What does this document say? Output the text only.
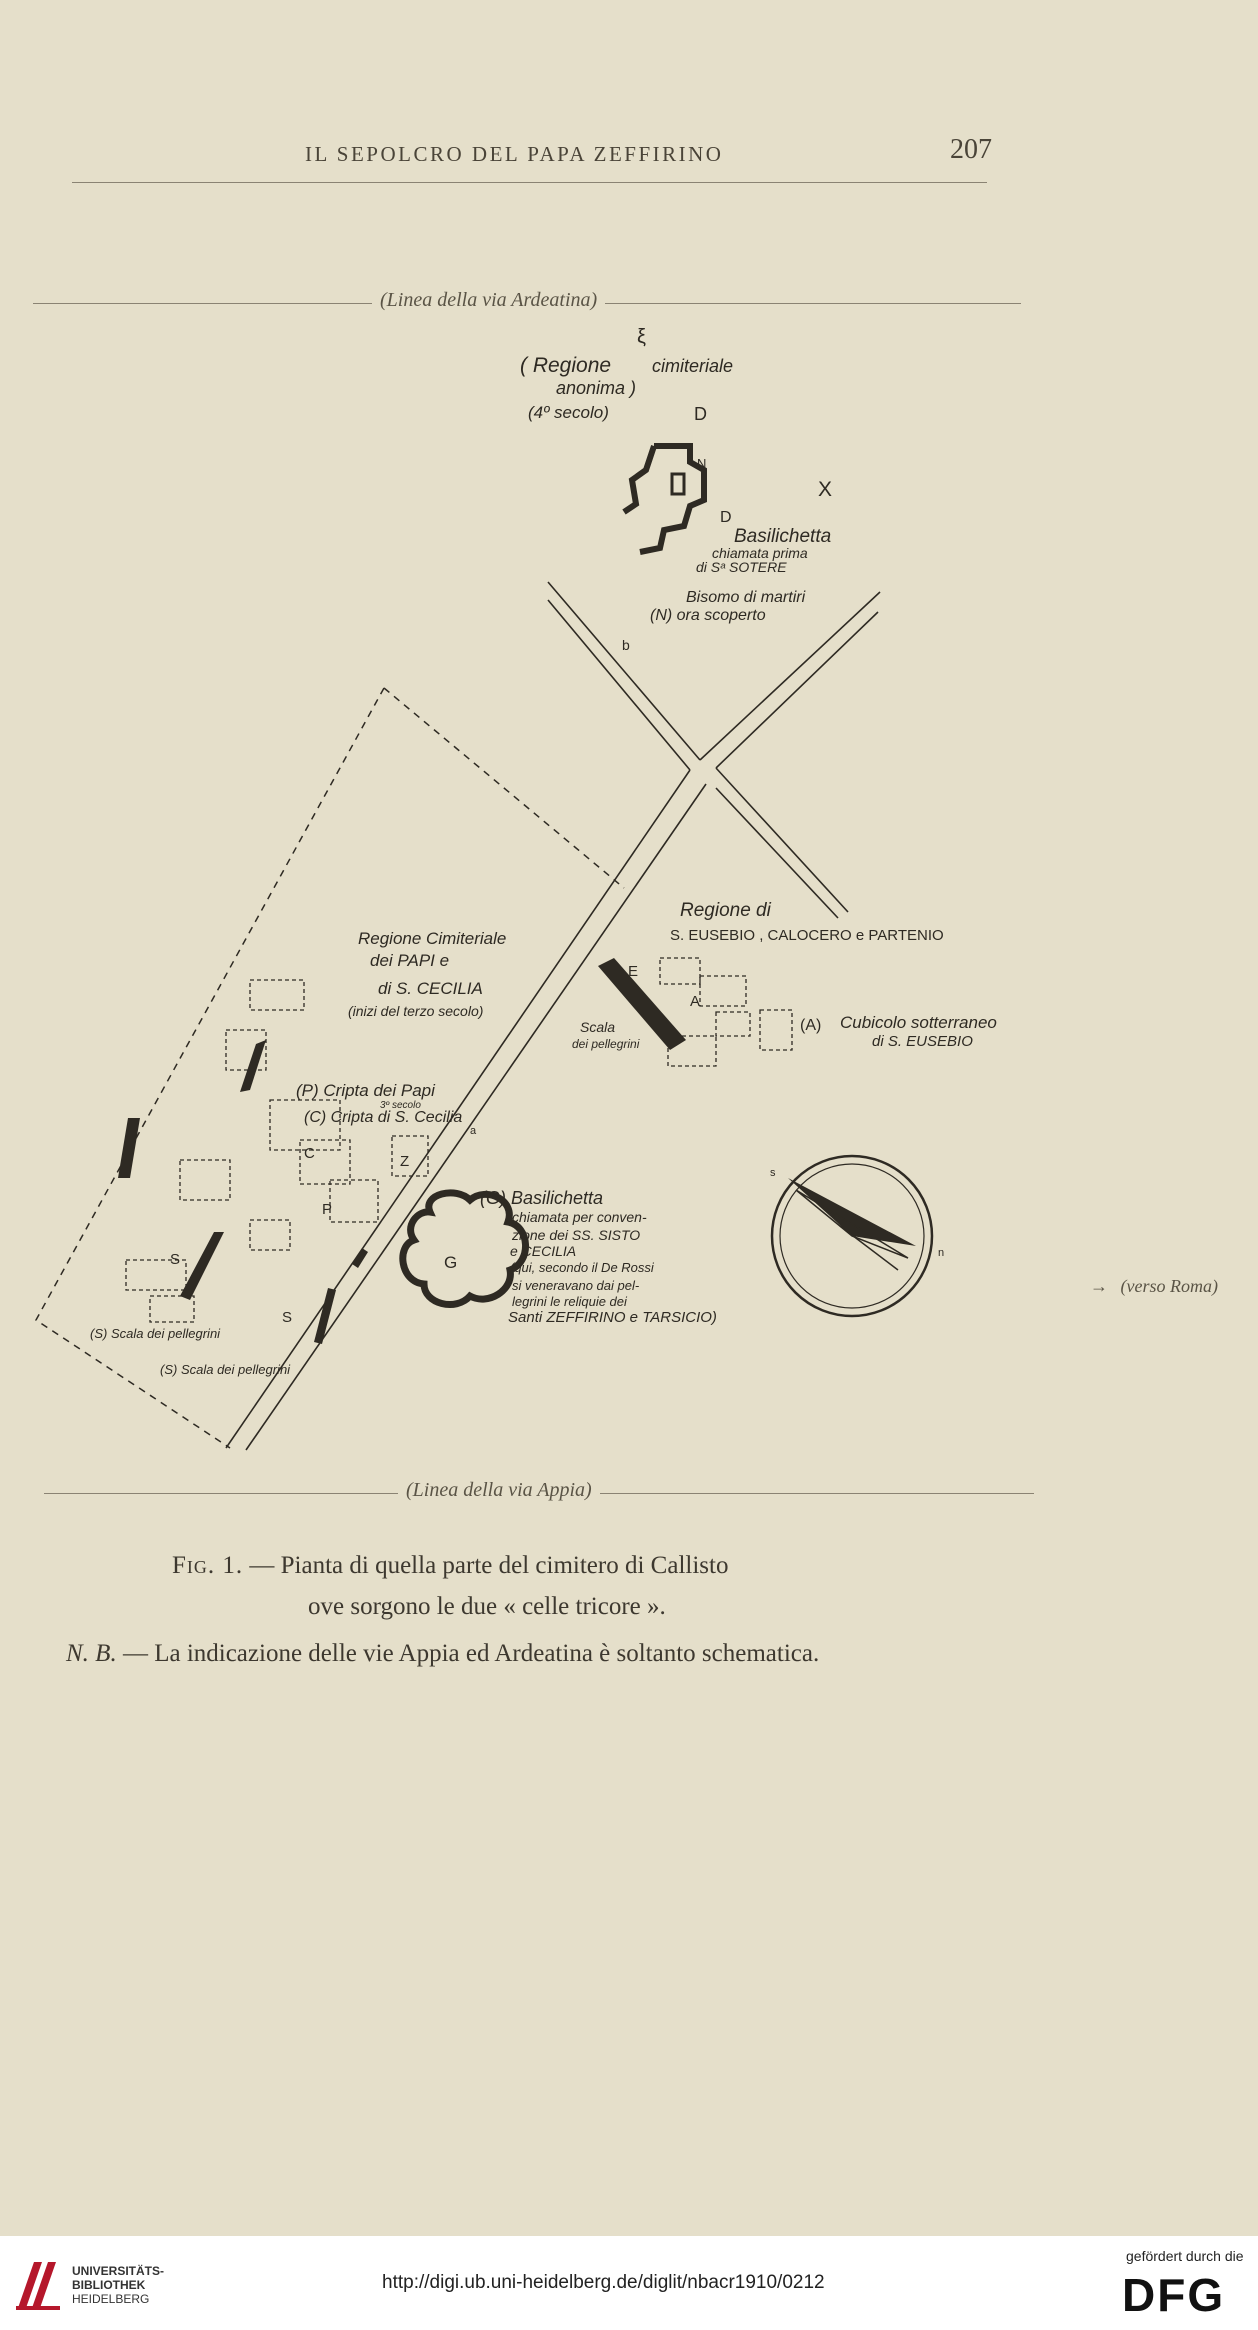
IL SEPOLCRO DEL PAPA ZEFFIRINO	207
(Linea della via Ardeatina)
ξ
( Regione cimiteriale
anonima )
(4º secolo)	D
X
D
N
Basilichetta
chiamata prima
di Sᵃ SOTERE
Bisomo di martiri
(N) ora scoperto
b
Regione di
S. EUSEBIO , CALOCERO e PARTENIO
E
A
Scala
dei pellegrini
(A) Cubicolo sotterraneo
di S. EUSEBIO
Regione Cimiteriale
dei PAPI e
di S. CECILIA
(inizi del terzo secolo)
(P) Cripta dei Papi
3º secolo
(C) Cripta di S. Cecilia
a
Z
C
P
S
S
G
(G) Basilichetta
chiamata per conven-
zione dei SS. SISTO
e CECILIA
(qui, secondo il De Rossi
si veneravano dai pel-
legrini le reliquie dei
Santi ZEFFIRINO e TARSICIO)
(S) Scala dei pellegrini
(S) Scala dei pellegrini
s
n
→ (verso Roma)
(Linea della via Appia)
Fig. 1. — Pianta di quella parte del cimitero di Callisto
ove sorgono le due « celle tricore ».
N. B. — La indicazione delle vie Appia ed Ardeatina è soltanto schematica.
UNIVERSITÄTS-
BIBLIOTHEK
HEIDELBERG
http://digi.ub.uni-heidelberg.de/diglit/nbacr1910/0212
gefördert durch die
DFG
